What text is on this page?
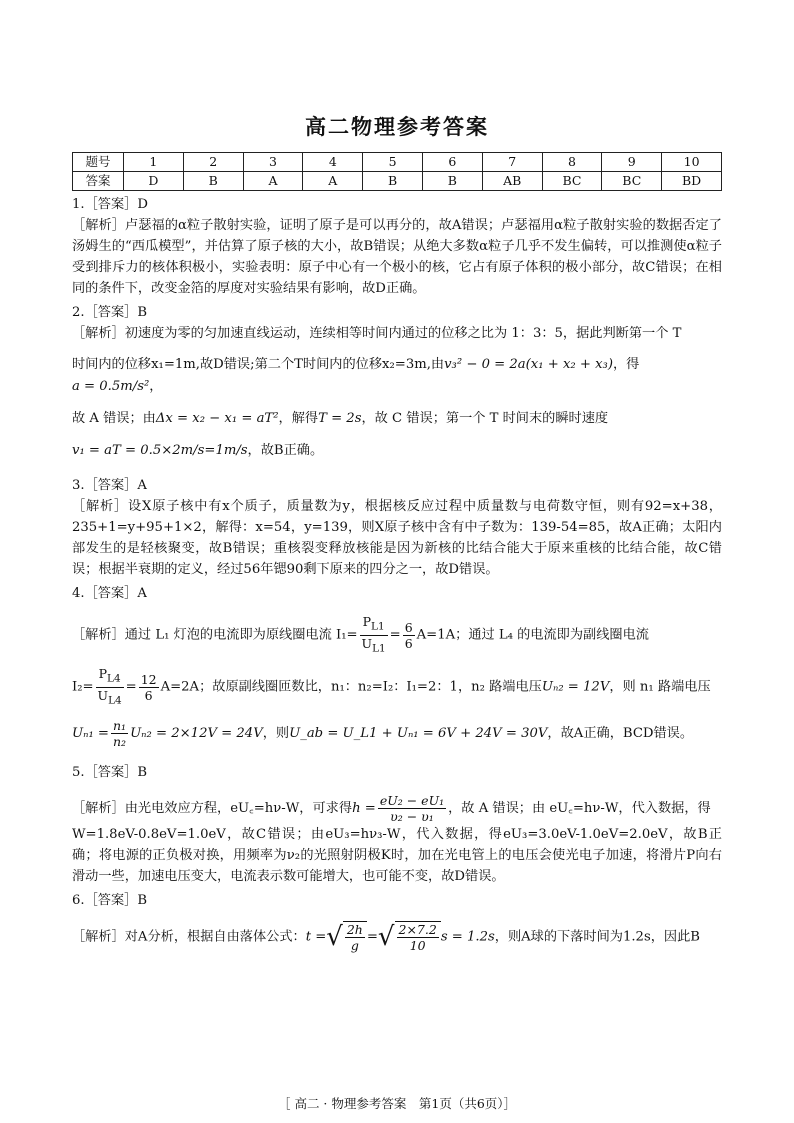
高二物理参考答案
题号	1	2	3	4	5	6	7	8	9	10
答案	D	B	A	A	B	B	AB	BC	BC	BD
1.［答案］D
［解析］卢瑟福的α粒子散射实验，证明了原子是可以再分的，故A错误；卢瑟福用α粒子散射实验的数据否定了汤姆生的“西瓜模型”，并估算了原子核的大小，故B错误；从绝大多数α粒子几乎不发生偏转，可以推测使α粒子受到排斥力的核体积极小，实验表明：原子中心有一个极小的核，它占有原子体积的极小部分，故C错误；在相同的条件下，改变金箔的厚度对实验结果有影响，故D正确。
2.［答案］B
［解析］初速度为零的匀加速直线运动，连续相等时间内通过的位移之比为 1：3：5，据此判断第一个 T
时间内的位移x₁=1m,故D错误;第二个T时间内的位移x₂=3m,由v₃² − 0 = 2a(x₁ + x₂ + x₃)，得a = 0.5m/s²，
故 A 错误；由Δx = x₂ − x₁ = aT²，解得T = 2s，故 C 错误；第一个 T 时间末的瞬时速度
v₁ = aT = 0.5×2m/s=1m/s，故B正确。
3.［答案］A
［解析］设X原子核中有x个质子，质量数为y，根据核反应过程中质量数与电荷数守恒，则有92=x+38，235+1=y+95+1×2，解得：x=54，y=139，则X原子核中含有中子数为：139-54=85，故A正确；太阳内部发生的是轻核聚变，故B错误；重核裂变释放核能是因为新核的比结合能大于原来重核的比结合能，故C错误；根据半衰期的定义，经过56年锶90剩下原来的四分之一，故D错误。
4.［答案］A
［解析］通过 L₁ 灯泡的电流即为原线圈电流 $I_1= \frac{P_{L1}}{U_{L1}} = \frac{6}{6} A=1A$；通过 L₄ 的电流即为副线圈电流
$I_2= \frac{P_{L4}}{U_{L4}} = \frac{12}{6} A=2A$；故原副线圈匝数比，n₁：n₂=I₂：I₁=2：1，n₂ 路端电压Uₙ₂ = 12V，则 n₁ 路端电压
$U_{n1} = \frac{\text{n₁}}{\text{n₂}} U_{n2} = 2\times 12V = 24V$，则U_ab = U_L1 + Uₙ₁ = 6V + 24V = 30V，故A正确，BCD错误。
5.［答案］B
［解析］由光电效应方程，eU꜀=hν-W，可求得$h = \frac{\text{eU₂ − eU₁}}{\text{υ₂ − υ₁}}$ ，故 A 错误；由 eU꜀=hν-W，代入数据，得
W=1.8eV-0.8eV=1.0eV，故C错误；由eU₃=hν₃-W，代入数据，得eU₃=3.0eV-1.0eV=2.0eV，故B正确；将电源的正负极对换，用频率为ν₂的光照射阴极K时，加在光电管上的电压会使光电子加速，将滑片P向右滑动一些，加速电压变大，电流表示数可能增大，也可能不变，故D错误。
6.［答案］B
［解析］对A分析，根据自由落体公式：t =√ $\frac{2h}{g}$ =√ $\frac{2\times 7.2}{10}$ s = 1.2s，则A球的下落时间为1.2s，因此B
［ 高二 · 物理参考答案　第1页（共6页）］
